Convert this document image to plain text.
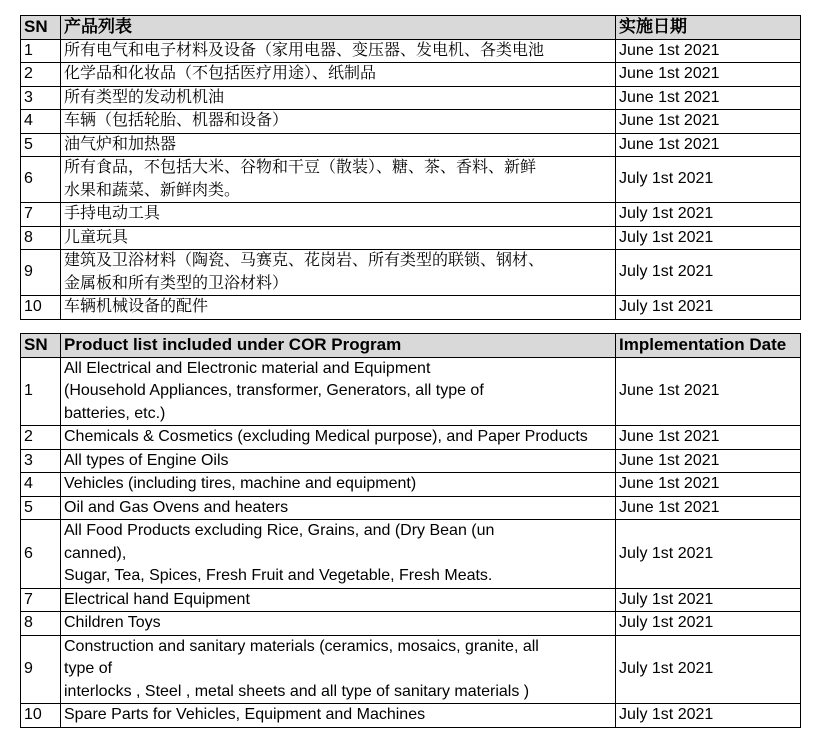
SN	产品列表	实施日期
1	所有电气和电子材料及设备（家用电器、变压器、发电机、各类电池	June 1st 2021
2	化学品和化妆品（不包括医疗用途）、纸制品	June 1st 2021
3	所有类型的发动机机油	June 1st 2021
4	车辆（包括轮胎、机器和设备）	June 1st 2021
5	油气炉和加热器	June 1st 2021
6	所有食品，不包括大米、谷物和干豆（散装）、糖、茶、香料、新鲜
水果和蔬菜、新鲜肉类。	July 1st 2021
7	手持电动工具	July 1st 2021
8	儿童玩具	July 1st 2021
9	建筑及卫浴材料（陶瓷、马赛克、花岗岩、所有类型的联锁、钢材、
金属板和所有类型的卫浴材料）	July 1st 2021
10	车辆机械设备的配件	July 1st 2021
SN	Product list included under COR Program	Implementation Date
1	All Electrical and Electronic material and Equipment
(Household Appliances, transformer, Generators, all type of
batteries, etc.)	June 1st 2021
2	Chemicals & Cosmetics (excluding Medical purpose), and Paper Products	June 1st 2021
3	All types of Engine Oils	June 1st 2021
4	Vehicles (including tires, machine and equipment)	June 1st 2021
5	Oil and Gas Ovens and heaters	June 1st 2021
6	All Food Products excluding Rice, Grains, and (Dry Bean (un
canned),
Sugar, Tea, Spices, Fresh Fruit and Vegetable, Fresh Meats.	July 1st 2021
7	Electrical hand Equipment	July 1st 2021
8	Children Toys	July 1st 2021
9	Construction and sanitary materials (ceramics, mosaics, granite, all
type of
interlocks , Steel , metal sheets and all type of sanitary materials )	July 1st 2021
10	Spare Parts for Vehicles, Equipment and Machines	July 1st 2021
